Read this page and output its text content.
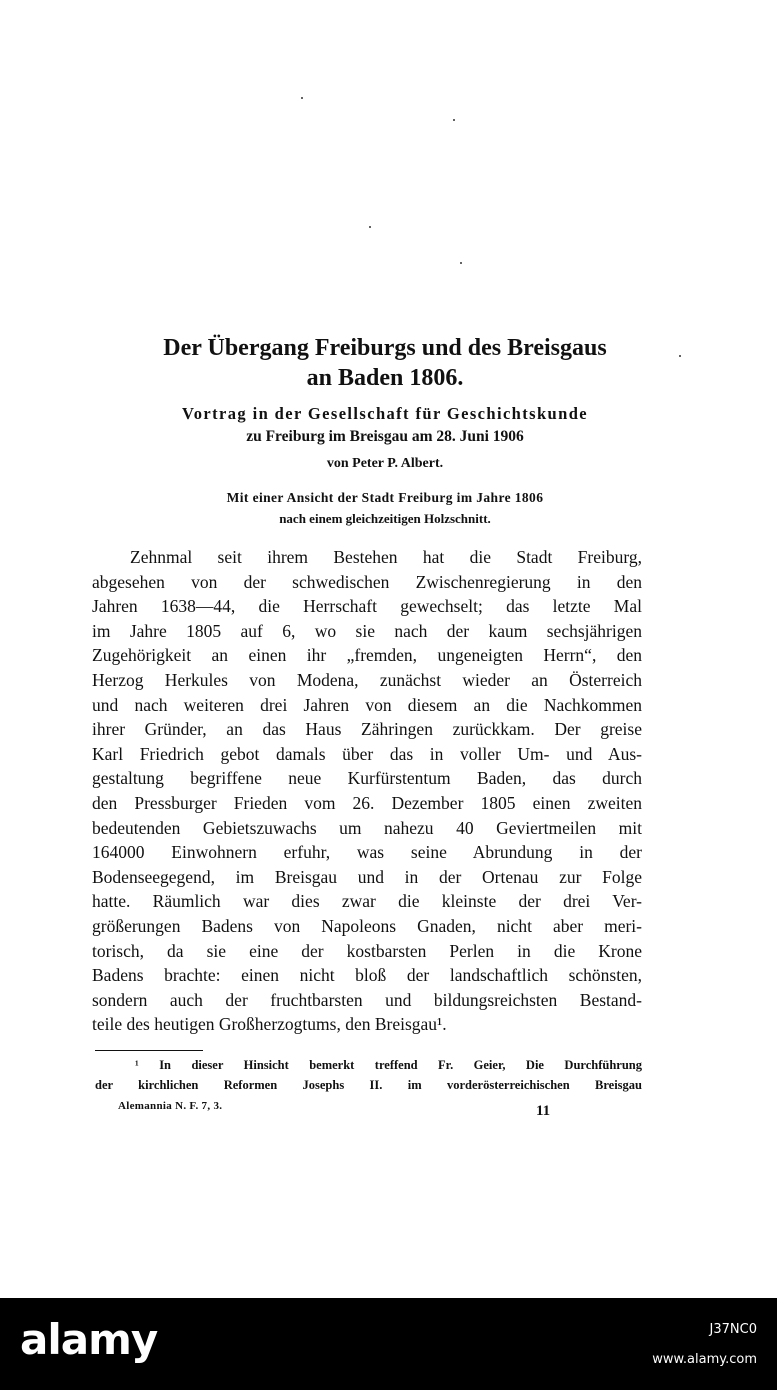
Der Übergang Freiburgs und des Breisgaus
an Baden 1806.
Vortrag in der Gesellschaft für Geschichtskunde
zu Freiburg im Breisgau am 28. Juni 1906
von Peter P. Albert.
Mit einer Ansicht der Stadt Freiburg im Jahre 1806
nach einem gleichzeitigen Holzschnitt.
Zehnmal seit ihrem Bestehen hat die Stadt Freiburg,
abgesehen von der schwedischen Zwischenregierung in den
Jahren 1638—44, die Herrschaft gewechselt; das letzte Mal
im Jahre 1805 auf 6, wo sie nach der kaum sechsjährigen
Zugehörigkeit an einen ihr „fremden, ungeneigten Herrn“, den
Herzog Herkules von Modena, zunächst wieder an Österreich
und nach weiteren drei Jahren von diesem an die Nachkommen
ihrer Gründer, an das Haus Zähringen zurückkam. Der greise
Karl Friedrich gebot damals über das in voller Um- und Aus-
gestaltung begriffene neue Kurfürstentum Baden, das durch
den Pressburger Frieden vom 26. Dezember 1805 einen zweiten
bedeutenden Gebietszuwachs um nahezu 40 Geviertmeilen mit
164000 Einwohnern erfuhr, was seine Abrundung in der
Bodenseegegend, im Breisgau und in der Ortenau zur Folge
hatte. Räumlich war dies zwar die kleinste der drei Ver-
größerungen Badens von Napoleons Gnaden, nicht aber meri-
torisch, da sie eine der kostbarsten Perlen in die Krone
Badens brachte: einen nicht bloß der landschaftlich schönsten,
sondern auch der fruchtbarsten und bildungsreichsten Bestand-
teile des heutigen Großherzogtums, den Breisgau¹.
¹ In dieser Hinsicht bemerkt treffend Fr. Geier, Die Durchführung
der kirchlichen Reformen Josephs II. im vorderösterreichischen Breisgau
Alemannia N. F. 7, 3.	11
alamy	J37NC0
www.alamy.com
